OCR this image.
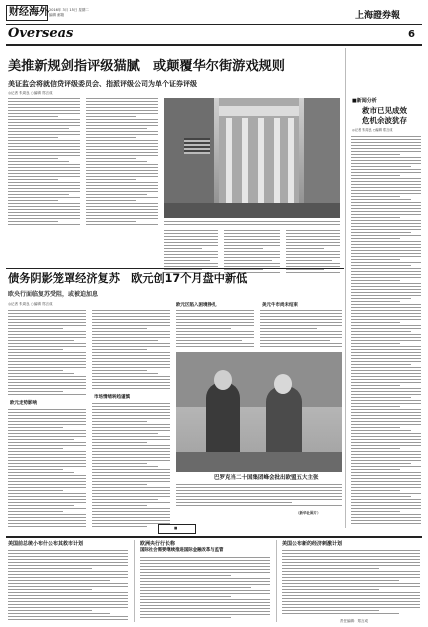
财经海外 2016年 3月 15日 星期二
编辑 邮箱	上海證券報
Overseas	6
美推新规剑指评级猫腻　或颠覆华尔街游戏规则
美证监会将就信贷评级委员会、指派评级公司为单个证券评级
◎记者 朱周良 ○编辑 郑言成
■新闻分析
救市已见成效
危机余波犹存
◎记者 朱周良 ○编辑 郑言成
债务阴影笼罩经济复苏　欧元创17个月盘中新低
欧央行面临复苏受阻，或被迫加息
◎记者 朱周良 ○编辑 郑言成
欧元走势影响
市场情绪转趋谨慎
欧元区陷入困境挣扎	美元牛市尚未结束
巴罗克当二十国集团峰会批出欧盟五大主张
（新华社图片）
■
美国前总统小布什公布其救市计划	欧洲央行行长称
国际社会需要继续推进国际金融改革与监管
美国公布新的经济刺激计划
责任编辑：郑言成
